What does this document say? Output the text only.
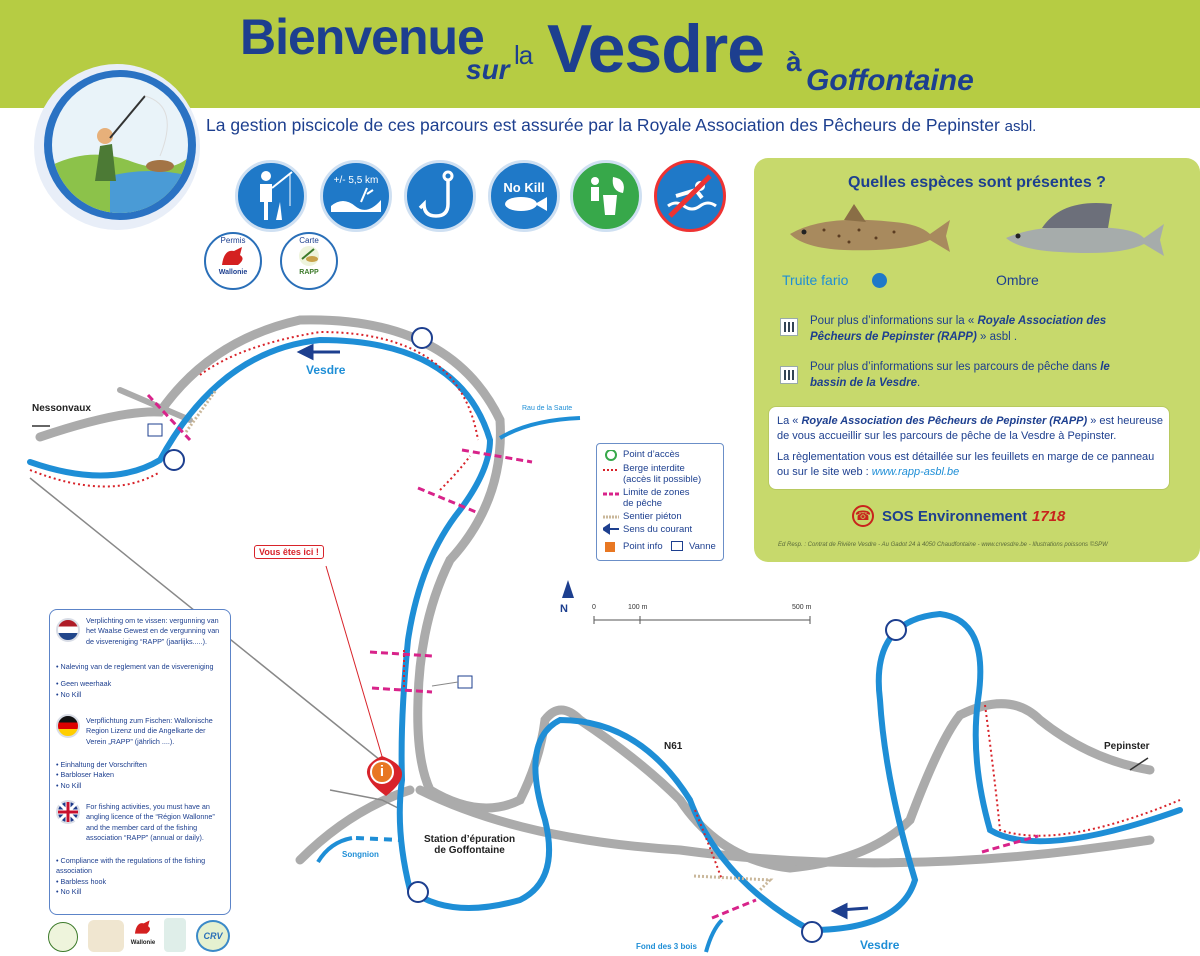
Bienvenue
sur la Vesdre à
Goffontaine
La gestion piscicole de ces parcours est assurée par la Royale Association des Pêcheurs de Pepinster asbl.
+/- 5,5 km	No Kill
Permis
Wallonie
Carte
RAPP
Quelles espèces sont présentes ?
Truite fario	Ombre
Pour plus d’informations sur la « Royale Association des Pêcheurs de Pepinster (RAPP) » asbl .
Pour plus d’informations sur les parcours de pêche dans le bassin de la Vesdre.
La « Royale Association des Pêcheurs de Pepinster (RAPP) » est heureuse de vous accueillir sur les parcours de pêche de la Vesdre à Pepinster.
La règlementation vous est détaillée sur les feuillets en marge de ce panneau ou sur le site web : www.rapp-asbl.be
☎ SOS Environnement 1718
Ed Resp. : Contrat de Rivière Vesdre - Au Gadot 24 à 4050 Chaudfontaine - www.crvesdre.be - Illustrations poissons ©SPW
i
Nessonvaux
Pepinster
Vesdre
Vesdre
Rau de la Saute
Vous êtes ici !
N61
Station d’épuration
de Goffontaine
Songnion
Fond des 3 bois
N	0	100 m	500 m
Point d’accès
Berge interdite
(accès lit possible)
Limite de zones
de pêche
Sentier piéton
Sens du courant
Point info	Vanne
Verplichting om te vissen: vergunning van het Waalse Gewest en de vergunning van de visvereniging “RAPP” (jaarlijks.....).
• Naleving van de reglement van de visvereniging
• Geen weerhaak
• No Kill
Verpflichtung zum Fischen: Wallonische Region Lizenz und die Angelkarte der Verein „RAPP” (jährlich ....).
• Einhaltung der Vorschriften
• Barbloser Haken
• No Kill
For fishing activities, you must have an angling licence of the “Région Wallonne” and the member card of the fishing association “RAPP” (annual or daily).
• Compliance with the regulations of the fishing association
• Barbless hook
• No Kill
Wallonie
CRV
